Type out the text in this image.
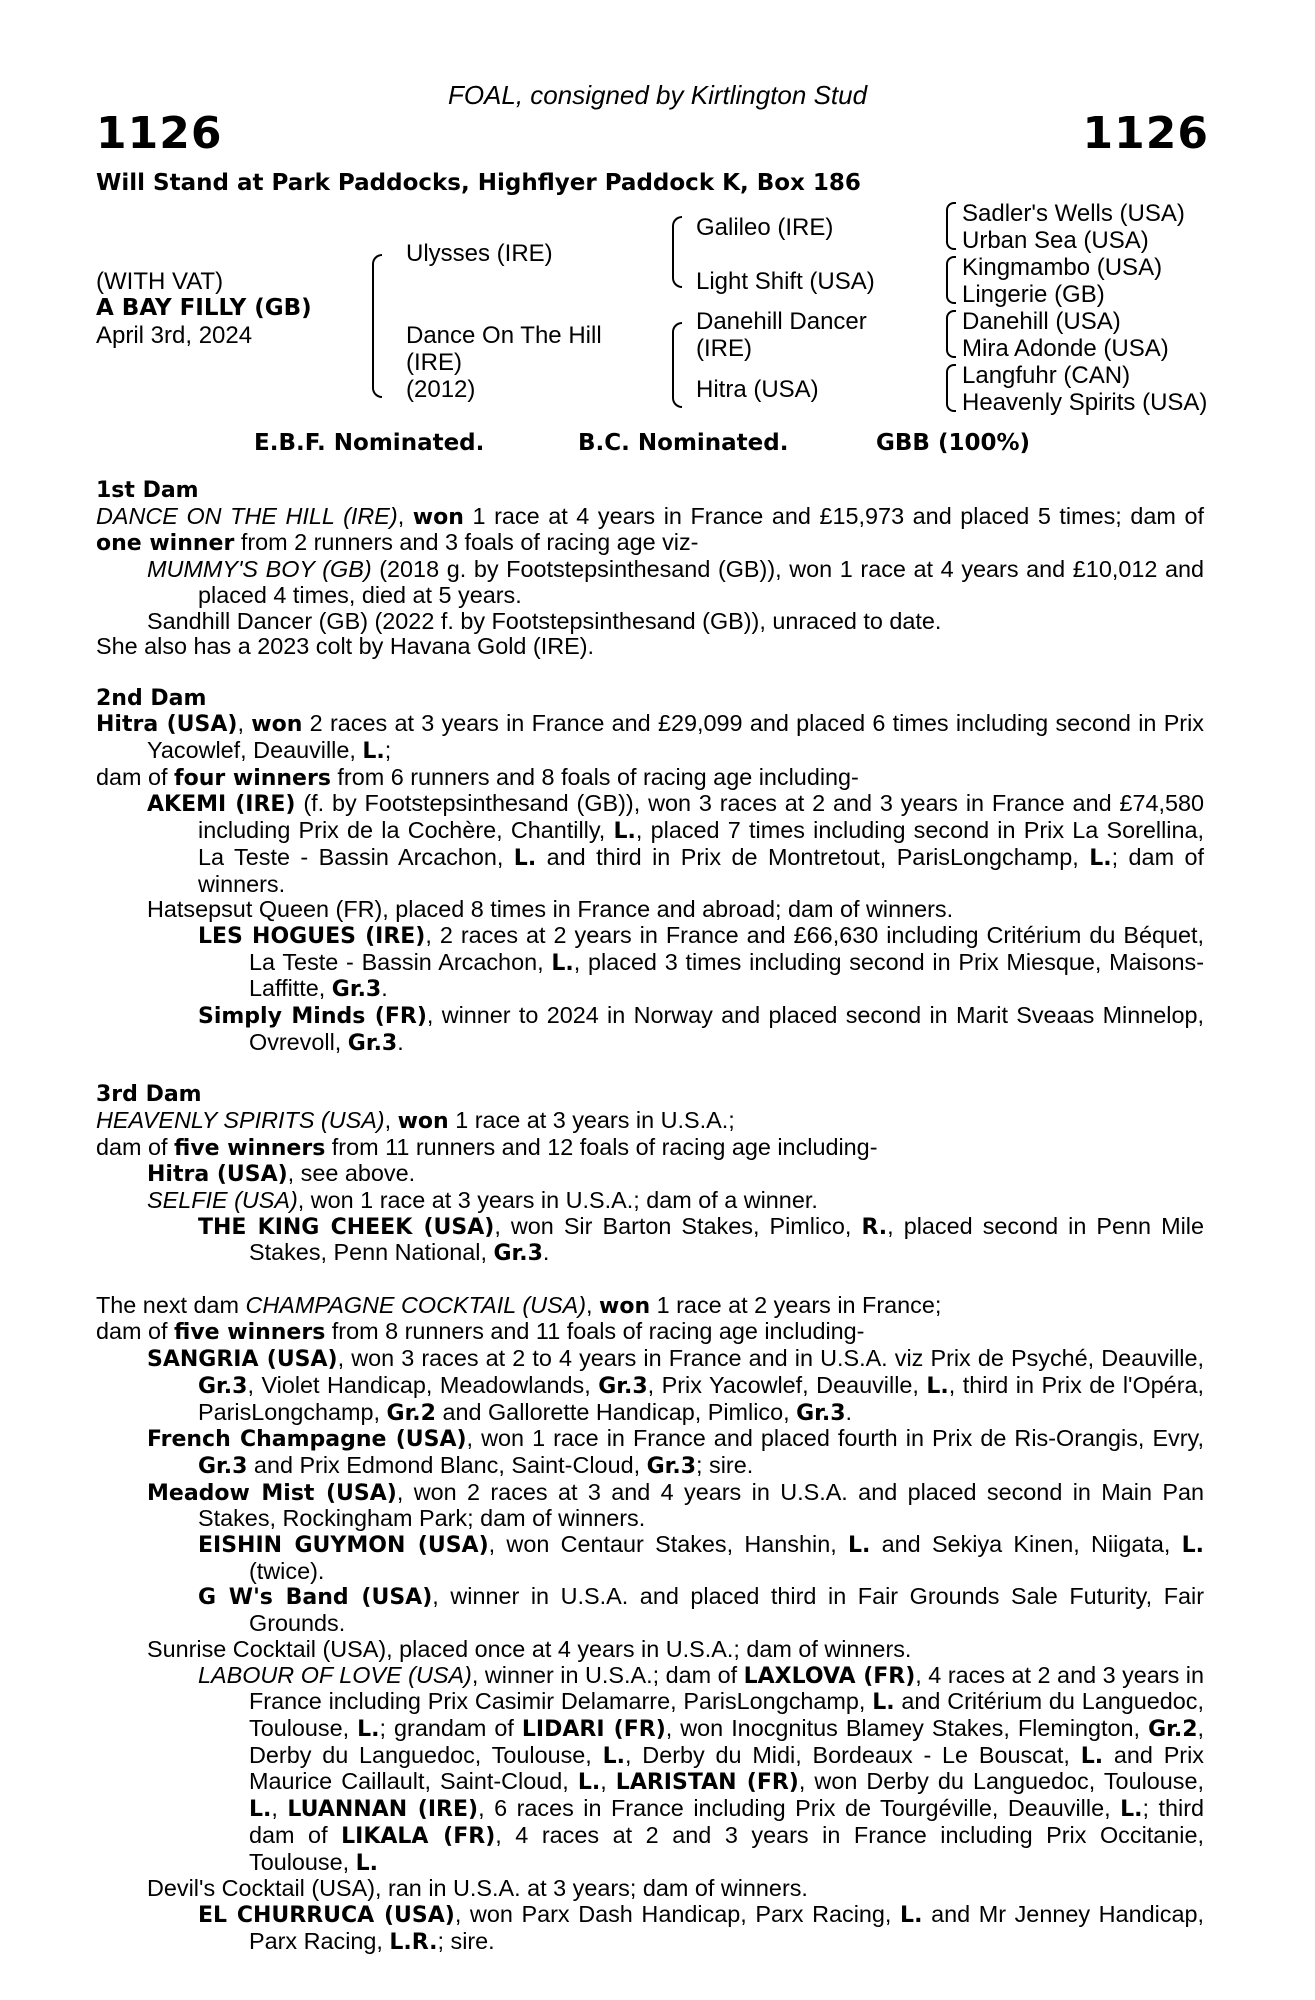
FOAL, consigned by Kirtlington Stud
1126	1126
Will Stand at Park Paddocks, Highflyer Paddock K, Box 186
(WITH VAT)
A BAY FILLY (GB)
April 3rd, 2024
Ulysses (IRE)
Dance On The Hill
(IRE)
(2012)
Galileo (IRE)
Light Shift (USA)
Danehill Dancer
(IRE)
Hitra (USA)
Sadler's Wells (USA)
Urban Sea (USA)
Kingmambo (USA)
Lingerie (GB)
Danehill (USA)
Mira Adonde (USA)
Langfuhr (CAN)
Heavenly Spirits (USA)
E.B.F. Nominated.	B.C. Nominated.	GBB (100%)
1st Dam

DANCE ON THE HILL (IRE), won 1 race at 4 years in France and £15,973 and placed 5 times; dam of one winner from 2 runners and 3 foals of racing age viz-

MUMMY'S BOY (GB) (2018 g. by Footstepsinthesand (GB)), won 1 race at 4 years and £10,012 and placed 4 times, died at 5 years.

Sandhill Dancer (GB) (2022 f. by Footstepsinthesand (GB)), unraced to date.

She also has a 2023 colt by Havana Gold (IRE).

2nd Dam

Hitra (USA), won 2 races at 3 years in France and £29,099 and placed 6 times including second in Prix Yacowlef, Deauville, L.;

dam of four winners from 6 runners and 8 foals of racing age including-

AKEMI (IRE) (f. by Footstepsinthesand (GB)), won 3 races at 2 and 3 years in France and £74,580 including Prix de la Cochère, Chantilly, L., placed 7 times including second in Prix La Sorellina, La Teste - Bassin Arcachon, L. and third in Prix de Montretout, ParisLongchamp, L.; dam of winners.

Hatsepsut Queen (FR), placed 8 times in France and abroad; dam of winners.

LES HOGUES (IRE), 2 races at 2 years in France and £66,630 including Critérium du Béquet, La Teste - Bassin Arcachon, L., placed 3 times including second in Prix Miesque, Maisons-Laffitte, Gr.3.

Simply Minds (FR), winner to 2024 in Norway and placed second in Marit Sveaas Minnelop, Ovrevoll, Gr.3.

3rd Dam

HEAVENLY SPIRITS (USA), won 1 race at 3 years in U.S.A.;

dam of five winners from 11 runners and 12 foals of racing age including-

Hitra (USA), see above.

SELFIE (USA), won 1 race at 3 years in U.S.A.; dam of a winner.

THE KING CHEEK (USA), won Sir Barton Stakes, Pimlico, R., placed second in Penn Mile Stakes, Penn National, Gr.3.

The next dam CHAMPAGNE COCKTAIL (USA), won 1 race at 2 years in France;

dam of five winners from 8 runners and 11 foals of racing age including-

SANGRIA (USA), won 3 races at 2 to 4 years in France and in U.S.A. viz Prix de Psyché, Deauville, Gr.3, Violet Handicap, Meadowlands, Gr.3, Prix Yacowlef, Deauville, L., third in Prix de l'Opéra, ParisLongchamp, Gr.2 and Gallorette Handicap, Pimlico, Gr.3.

French Champagne (USA), won 1 race in France and placed fourth in Prix de Ris-Orangis, Evry, Gr.3 and Prix Edmond Blanc, Saint-Cloud, Gr.3; sire.

Meadow Mist (USA), won 2 races at 3 and 4 years in U.S.A. and placed second in Main Pan Stakes, Rockingham Park; dam of winners.

EISHIN GUYMON (USA), won Centaur Stakes, Hanshin, L. and Sekiya Kinen, Niigata, L. (twice).

G W's Band (USA), winner in U.S.A. and placed third in Fair Grounds Sale Futurity, Fair Grounds.

Sunrise Cocktail (USA), placed once at 4 years in U.S.A.; dam of winners.

LABOUR OF LOVE (USA), winner in U.S.A.; dam of LAXLOVA (FR), 4 races at 2 and 3 years in France including Prix Casimir Delamarre, ParisLongchamp, L. and Critérium du Languedoc, Toulouse, L.; grandam of LIDARI (FR), won Inocgnitus Blamey Stakes, Flemington, Gr.2, Derby du Languedoc, Toulouse, L., Derby du Midi, Bordeaux - Le Bouscat, L. and Prix Maurice Caillault, Saint-Cloud, L., LARISTAN (FR), won Derby du Languedoc, Toulouse, L., LUANNAN (IRE), 6 races in France including Prix de Tourgéville, Deauville, L.; third dam of LIKALA (FR), 4 races at 2 and 3 years in France including Prix Occitanie, Toulouse, L.

Devil's Cocktail (USA), ran in U.S.A. at 3 years; dam of winners.

EL CHURRUCA (USA), won Parx Dash Handicap, Parx Racing, L. and Mr Jenney Handicap, Parx Racing, L.R.; sire.
